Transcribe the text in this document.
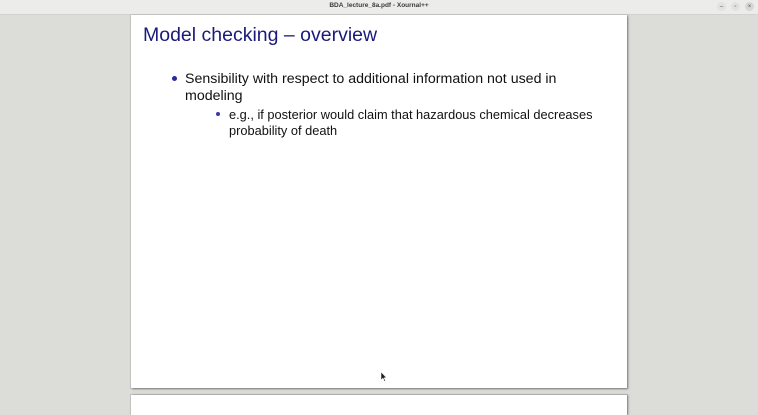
BDA_lecture_8a.pdf - Xournal++	– ▫ ×
Model checking – overview
Sensibility with respect to additional information not used in modeling
e.g., if posterior would claim that hazardous chemical decreases probability of death
